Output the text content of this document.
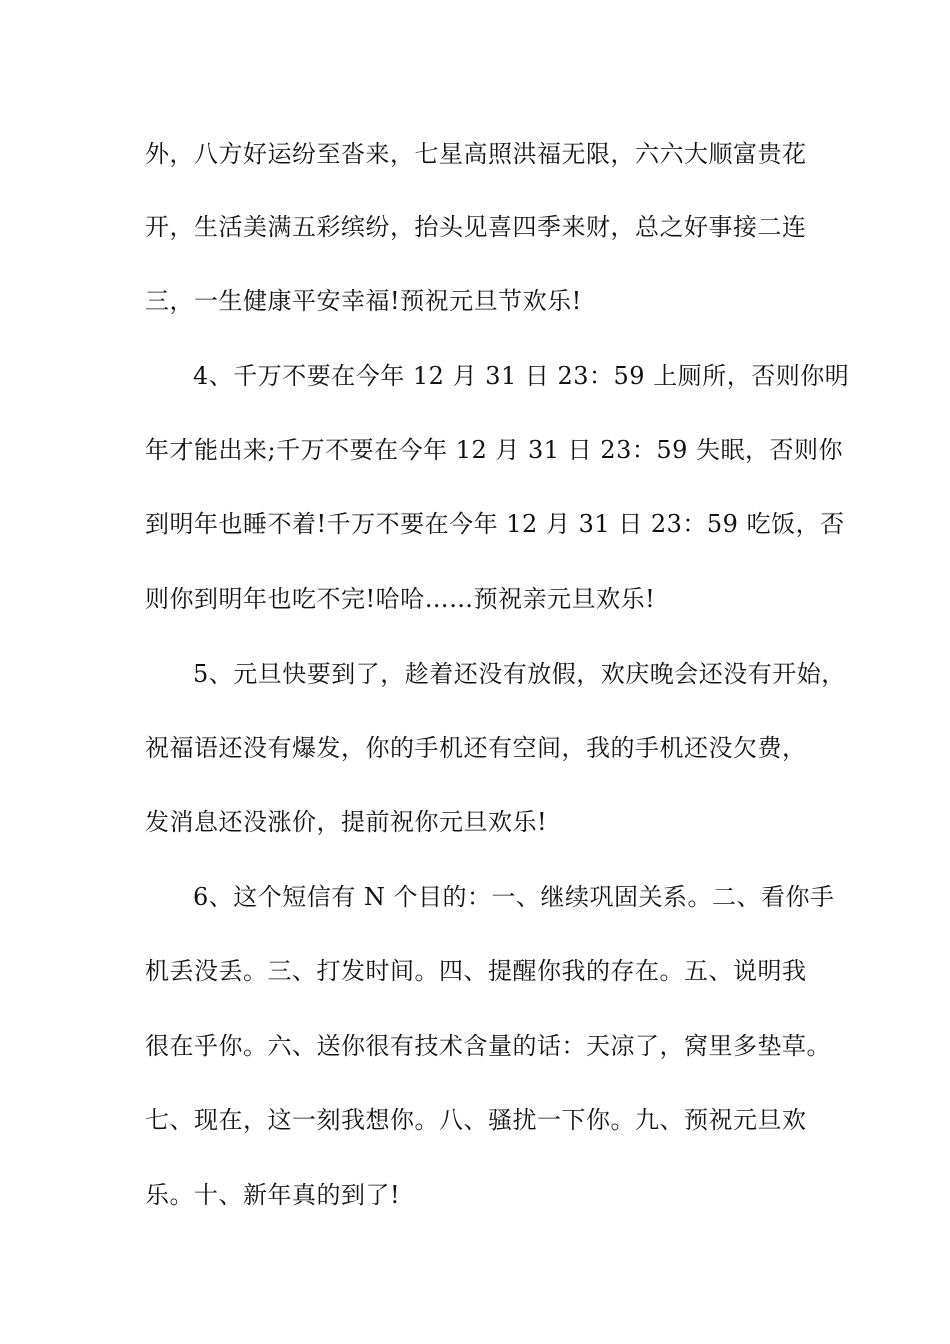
外，八方好运纷至沓来，七星高照洪福无限，六六大顺富贵花
开，生活美满五彩缤纷，抬头见喜四季来财，总之好事接二连
三，一生健康平安幸福!预祝元旦节欢乐!
4、千万不要在今年 12 月 31 日 23：59 上厕所，否则你明
年才能出来;千万不要在今年 12 月 31 日 23：59 失眠，否则你
到明年也睡不着!千万不要在今年 12 月 31 日 23：59 吃饭，否
则你到明年也吃不完!哈哈……预祝亲元旦欢乐!
5、元旦快要到了，趁着还没有放假，欢庆晚会还没有开始，
祝福语还没有爆发，你的手机还有空间，我的手机还没欠费，
发消息还没涨价，提前祝你元旦欢乐!
6、这个短信有 N 个目的：一、继续巩固关系。二、看你手
机丢没丢。三、打发时间。四、提醒你我的存在。五、说明我
很在乎你。六、送你很有技术含量的话：天凉了，窝里多垫草。
七、现在，这一刻我想你。八、骚扰一下你。九、预祝元旦欢
乐。十、新年真的到了!
